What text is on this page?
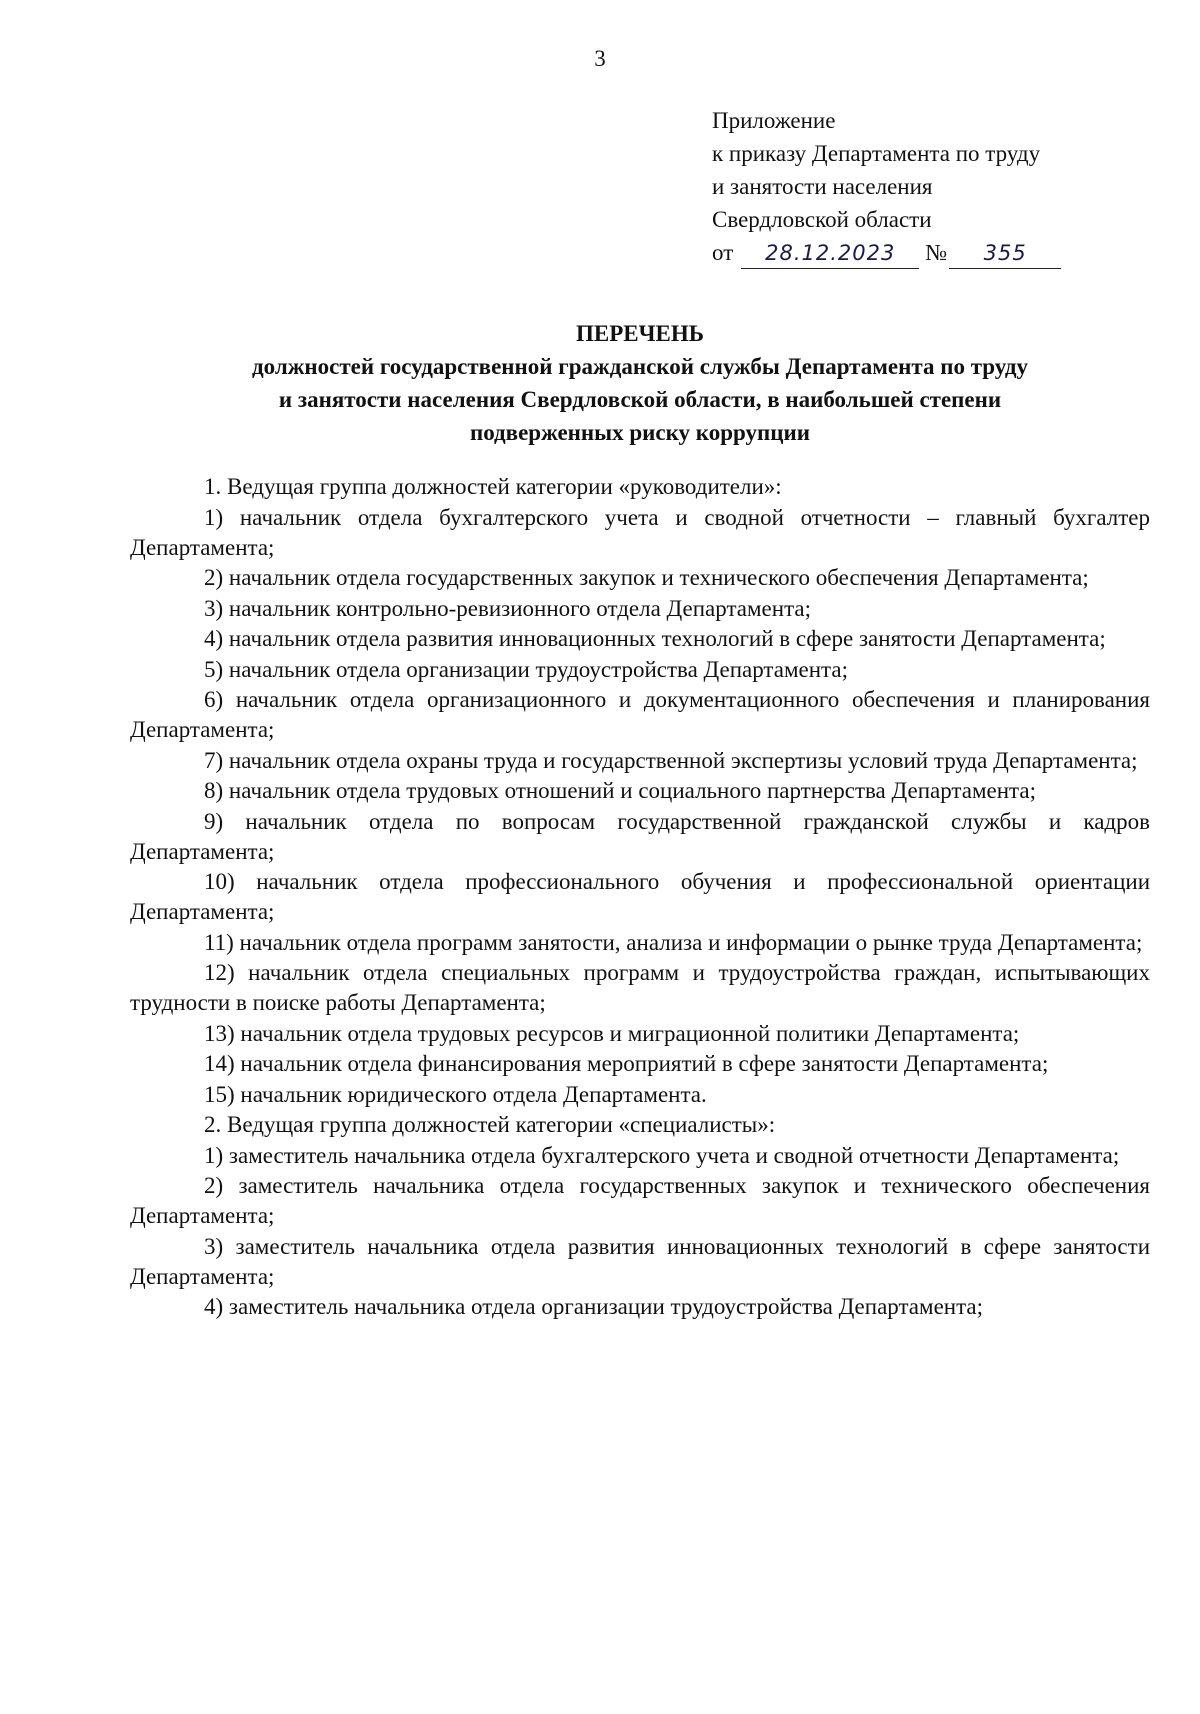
3
Приложение
к приказу Департамента по труду
и занятости населения
Свердловской области
от	28.12.2023	№	355
ПЕРЕЧЕНЬ
должностей государственной гражданской службы Департамента по труду
и занятости населения Свердловской области, в наибольшей степени
подверженных риску коррупции

1. Ведущая группа должностей категории «руководители»:

1) начальник отдела бухгалтерского учета и сводной отчетности – главный бухгалтер Департамента;

2) начальник отдела государственных закупок и технического обеспечения Департамента;

3) начальник контрольно-ревизионного отдела Департамента;

4) начальник отдела развития инновационных технологий в сфере занятости Департамента;

5) начальник отдела организации трудоустройства Департамента;

6) начальник отдела организационного и документационного обеспечения и планирования Департамента;

7) начальник отдела охраны труда и государственной экспертизы условий труда Департамента;

8) начальник отдела трудовых отношений и социального партнерства Департамента;

9) начальник отдела по вопросам государственной гражданской службы и кадров Департамента;

10) начальник отдела профессионального обучения и профессиональной ориентации Департамента;

11) начальник отдела программ занятости, анализа и информации о рынке труда Департамента;

12) начальник отдела специальных программ и трудоустройства граждан, испытывающих трудности в поиске работы Департамента;

13) начальник отдела трудовых ресурсов и миграционной политики Департамента;

14) начальник отдела финансирования мероприятий в сфере занятости Департамента;

15) начальник юридического отдела Департамента.

2. Ведущая группа должностей категории «специалисты»:

1) заместитель начальника отдела бухгалтерского учета и сводной отчетности Департамента;

2) заместитель начальника отдела государственных закупок и технического обеспечения Департамента;

3) заместитель начальника отдела развития инновационных технологий в сфере занятости Департамента;

4) заместитель начальника отдела организации трудоустройства Департамента;
